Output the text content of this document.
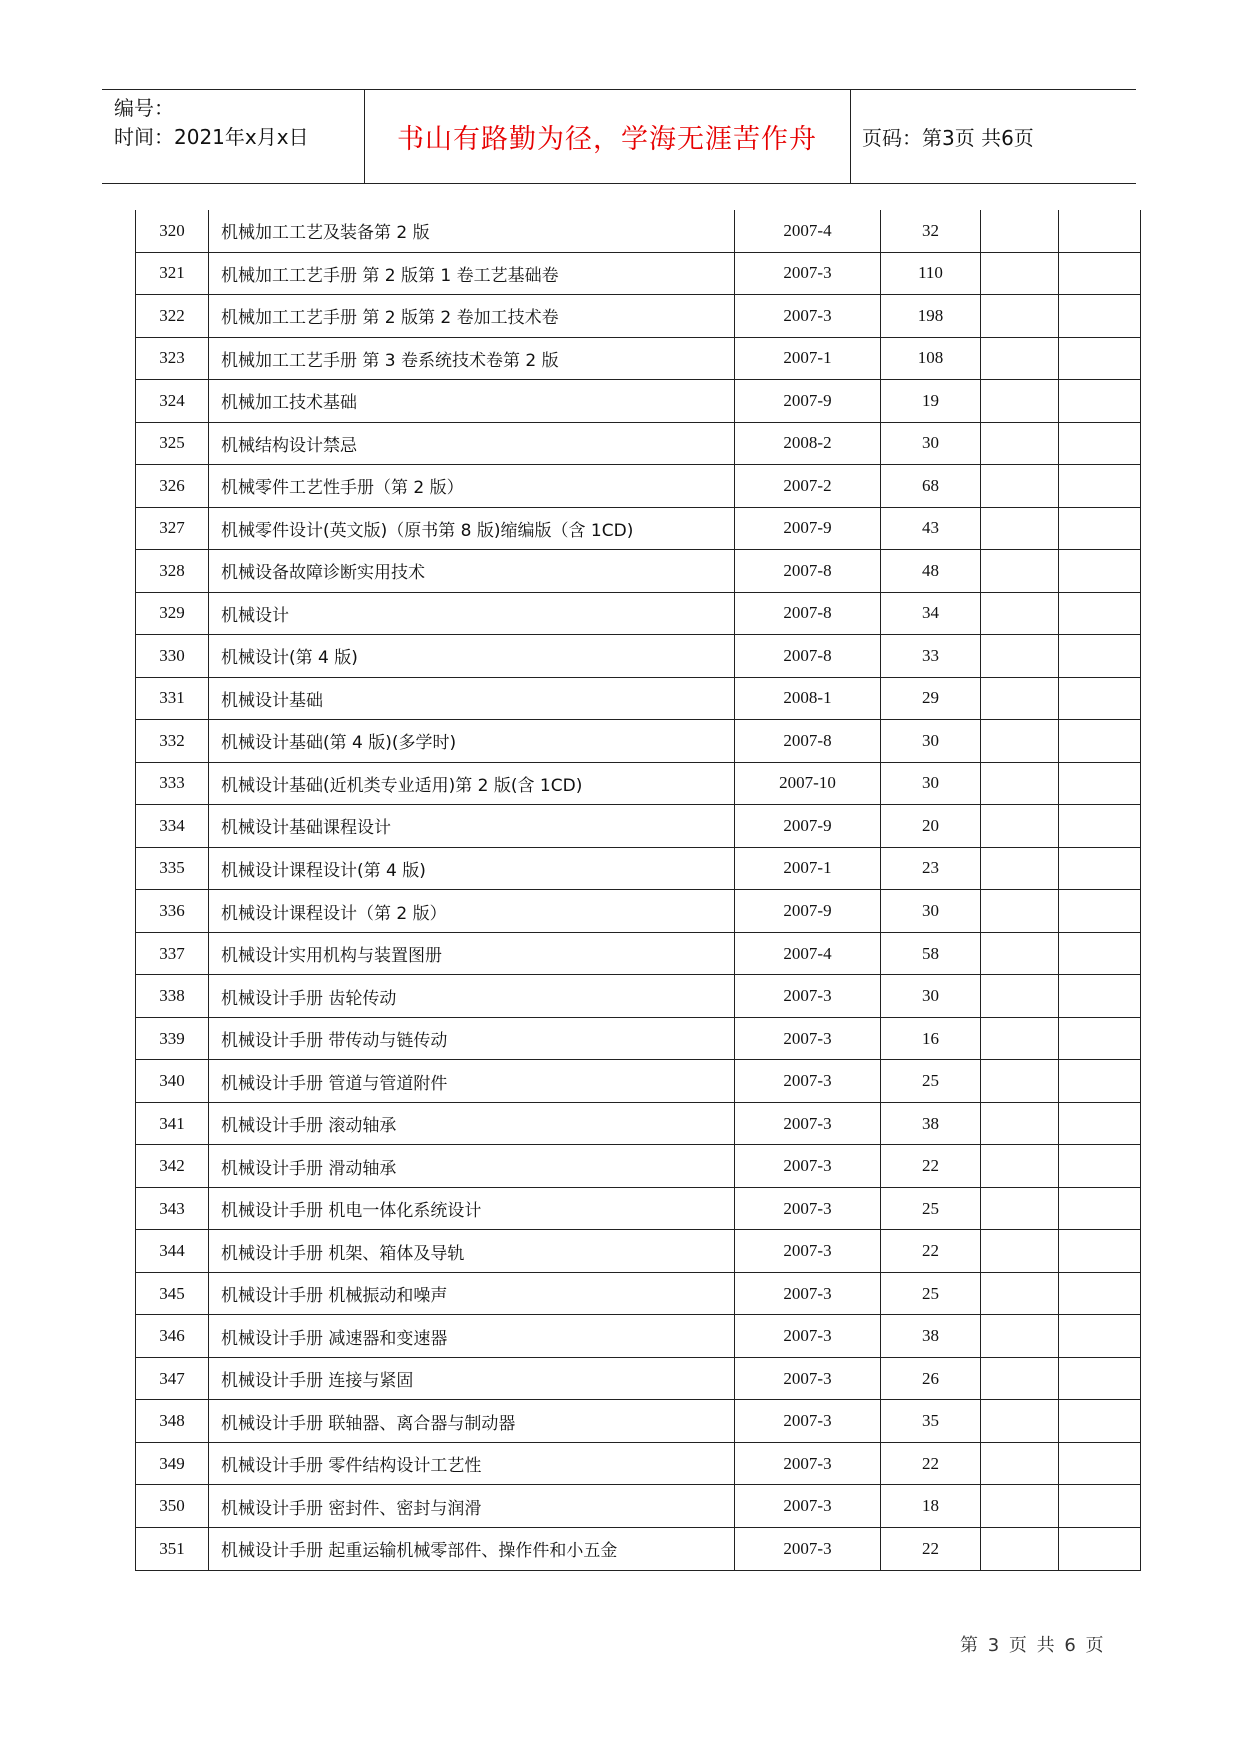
编号：
时间：2021年x月x日	书山有路勤为径，学海无涯苦作舟	页码：第3页 共6页
320	机械加工工艺及装备第 2 版	2007-4	32		
321	机械加工工艺手册 第 2 版第 1 卷工艺基础卷	2007-3	110		
322	机械加工工艺手册 第 2 版第 2 卷加工技术卷	2007-3	198		
323	机械加工工艺手册 第 3 卷系统技术卷第 2 版	2007-1	108		
324	机械加工技术基础	2007-9	19		
325	机械结构设计禁忌	2008-2	30		
326	机械零件工艺性手册（第 2 版）	2007-2	68		
327	机械零件设计(英文版)（原书第 8 版)缩编版（含 1CD)	2007-9	43		
328	机械设备故障诊断实用技术	2007-8	48		
329	机械设计	2007-8	34		
330	机械设计(第 4 版)	2007-8	33		
331	机械设计基础	2008-1	29		
332	机械设计基础(第 4 版)(多学时)	2007-8	30		
333	机械设计基础(近机类专业适用)第 2 版(含 1CD)	2007-10	30		
334	机械设计基础课程设计	2007-9	20		
335	机械设计课程设计(第 4 版)	2007-1	23		
336	机械设计课程设计（第 2 版）	2007-9	30		
337	机械设计实用机构与装置图册	2007-4	58		
338	机械设计手册 齿轮传动	2007-3	30		
339	机械设计手册 带传动与链传动	2007-3	16		
340	机械设计手册 管道与管道附件	2007-3	25		
341	机械设计手册 滚动轴承	2007-3	38		
342	机械设计手册 滑动轴承	2007-3	22		
343	机械设计手册 机电一体化系统设计	2007-3	25		
344	机械设计手册 机架、箱体及导轨	2007-3	22		
345	机械设计手册 机械振动和噪声	2007-3	25		
346	机械设计手册 减速器和变速器	2007-3	38		
347	机械设计手册 连接与紧固	2007-3	26		
348	机械设计手册 联轴器、离合器与制动器	2007-3	35		
349	机械设计手册 零件结构设计工艺性	2007-3	22		
350	机械设计手册 密封件、密封与润滑	2007-3	18		
351	机械设计手册 起重运输机械零部件、操作件和小五金	2007-3	22		
第 3 页 共 6 页
